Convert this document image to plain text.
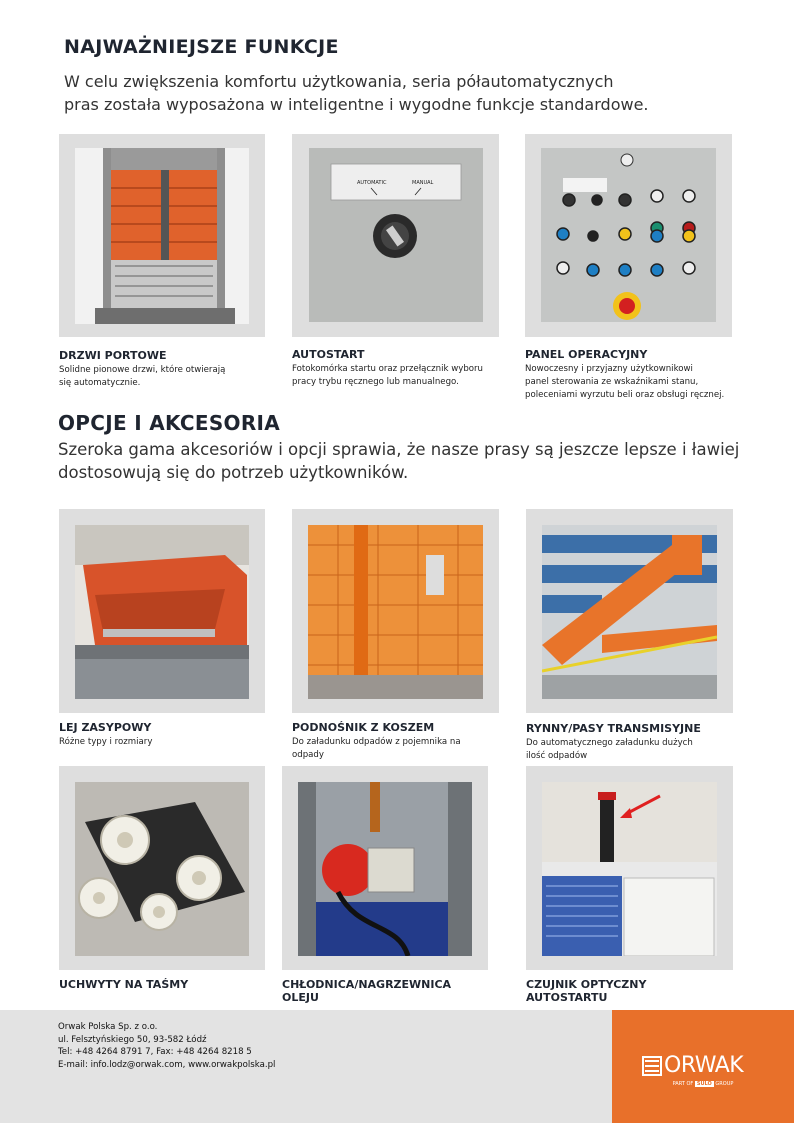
NAJWAŻNIEJSZE FUNKCJE
W celu zwiększenia komfortu użytkowania, seria półautomatycznych
pras została wyposażona w inteligentne i wygodne funkcje standardowe.
DRZWI PORTOWE
Solidne pionowe drzwi, które otwierają
się automatycznie.
AUTOMATIC	MANUAL
AUTOSTART
Fotokomórka startu oraz przełącznik wyboru
pracy trybu ręcznego lub manualnego.
PANEL OPERACYJNY
Nowoczesny i przyjazny użytkownikowi
panel sterowania ze wskaźnikami stanu,
poleceniami wyrzutu beli oraz obsługi ręcznej.
OPCJE I AKCESORIA
Szeroka gama akcesoriów i opcji sprawia, że nasze prasy są jeszcze lepsze i ławiej
dostosowują się do potrzeb użytkowników.
LEJ ZASYPOWY
Różne typy i rozmiary
PODNOŚNIK Z KOSZEM
Do załadunku odpadów z pojemnika na
odpady
RYNNY/PASY TRANSMISYJNE
Do automatycznego załadunku dużych
ilość odpadów
UCHWYTY NA TAŚMY	CHŁODNICA/NAGRZEWNICA
OLEJU
CZUJNIK OPTYCZNY
AUTOSTARTU
Orwak Polska Sp. z o.o.
ul. Felsztyńskiego 50, 93-582 Łódź
Tel: +48 4264 8791 7, Fax: +48 4264 8218 5
E-mail: info.lodz@orwak.com, www.orwakpolska.pl	ORWAK
PART OF SULO GROUP
